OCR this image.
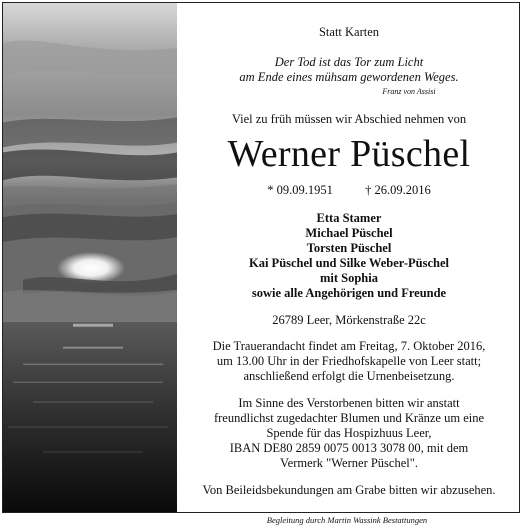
Statt Karten
Der Tod ist das Tor zum Licht
am Ende eines mühsam gewordenen Weges.
Franz von Assisi
Viel zu früh müssen wir Abschied nehmen von
Werner Püschel
* 09.09.1951	† 26.09.2016
Etta Stamer
Michael Püschel
Torsten Püschel
Kai Püschel und Silke Weber-Püschel
mit Sophia
sowie alle Angehörigen und Freunde
26789 Leer, Mörkenstraße 22c
Die Trauerandacht findet am Freitag, 7. Oktober 2016,
um 13.00 Uhr in der Friedhofskapelle von Leer statt;
anschließend erfolgt die Urnenbeisetzung.
Im Sinne des Verstorbenen bitten wir anstatt
freundlichst zugedachter Blumen und Kränze um eine
Spende für das Hospizhuus Leer,
IBAN DE80 2859 0075 0013 3078 00, mit dem
Vermerk "Werner Püschel".
Von Beileidsbekundungen am Grabe bitten wir abzusehen.
Begleitung durch Martin Wassink Bestattungen
